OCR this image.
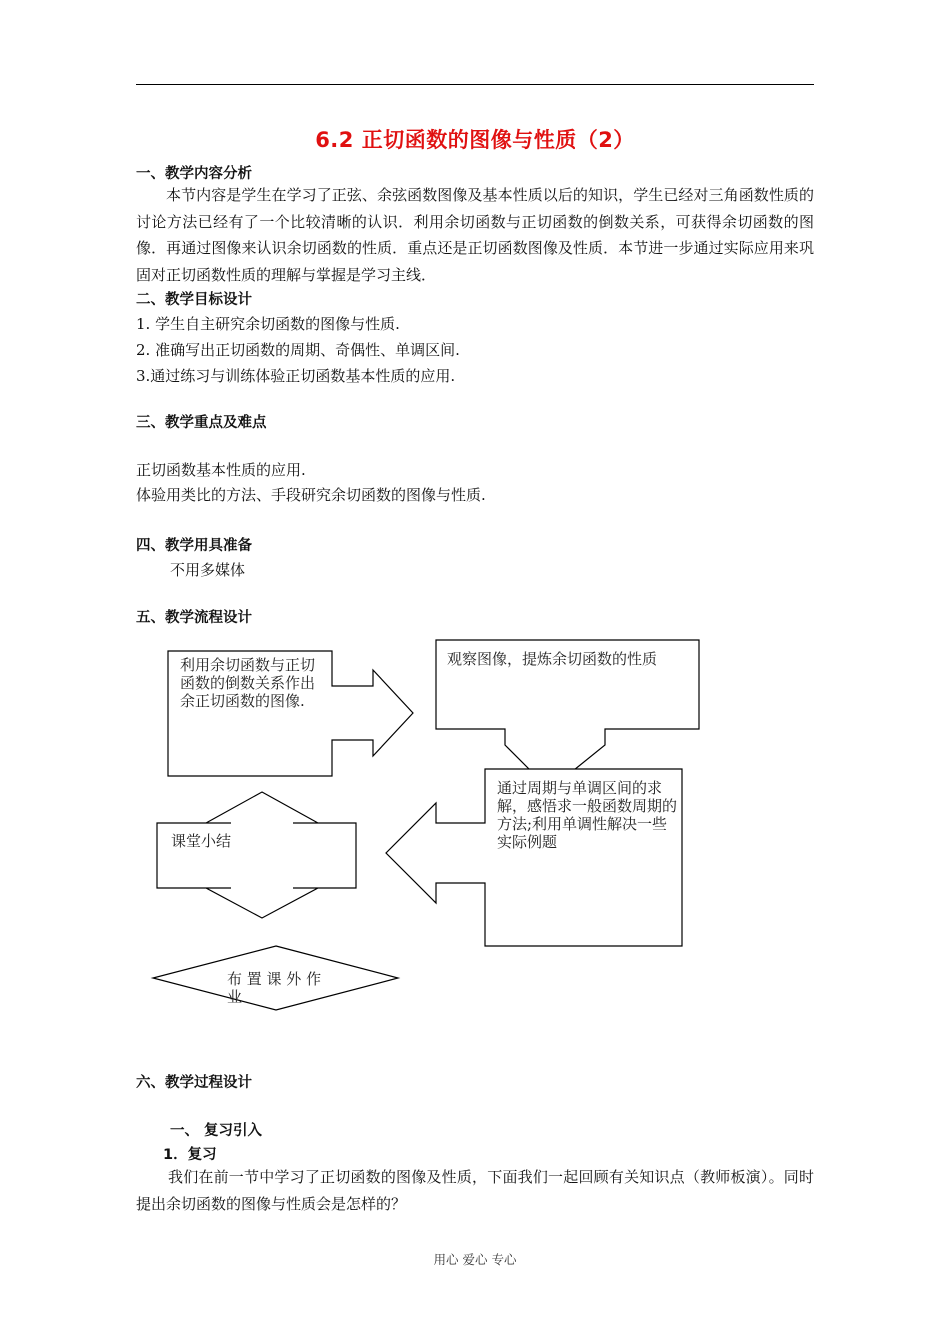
6.2 正切函数的图像与性质（2）
一、教学内容分析
本节内容是学生在学习了正弦、余弦函数图像及基本性质以后的知识，学生已经对三角函数性质的讨论方法已经有了一个比较清晰的认识．利用余切函数与正切函数的倒数关系，可获得余切函数的图像．再通过图像来认识余切函数的性质．重点还是正切函数图像及性质．本节进一步通过实际应用来巩固对正切函数性质的理解与掌握是学习主线．
二、教学目标设计
1. 学生自主研究余切函数的图像与性质.
2. 准确写出正切函数的周期、奇偶性、单调区间.
3.通过练习与训练体验正切函数基本性质的应用.
三、教学重点及难点
正切函数基本性质的应用.
体验用类比的方法、手段研究余切函数的图像与性质.
四、教学用具准备
不用多媒体
五、教学流程设计
利用余切函数与正切函数的倒数关系作出余正切函数的图像.
观察图像，提炼余切函数的性质
通过周期与单调区间的求解，感悟求一般函数周期的方法;利用单调性解决一些实际例题
课堂小结
布 置 课 外 作 业
六、教学过程设计
一、 复习引入
1．复习
我们在前一节中学习了正切函数的图像及性质，下面我们一起回顾有关知识点（教师板演）。同时提出余切函数的图像与性质会是怎样的？
用心 爱心 专心
